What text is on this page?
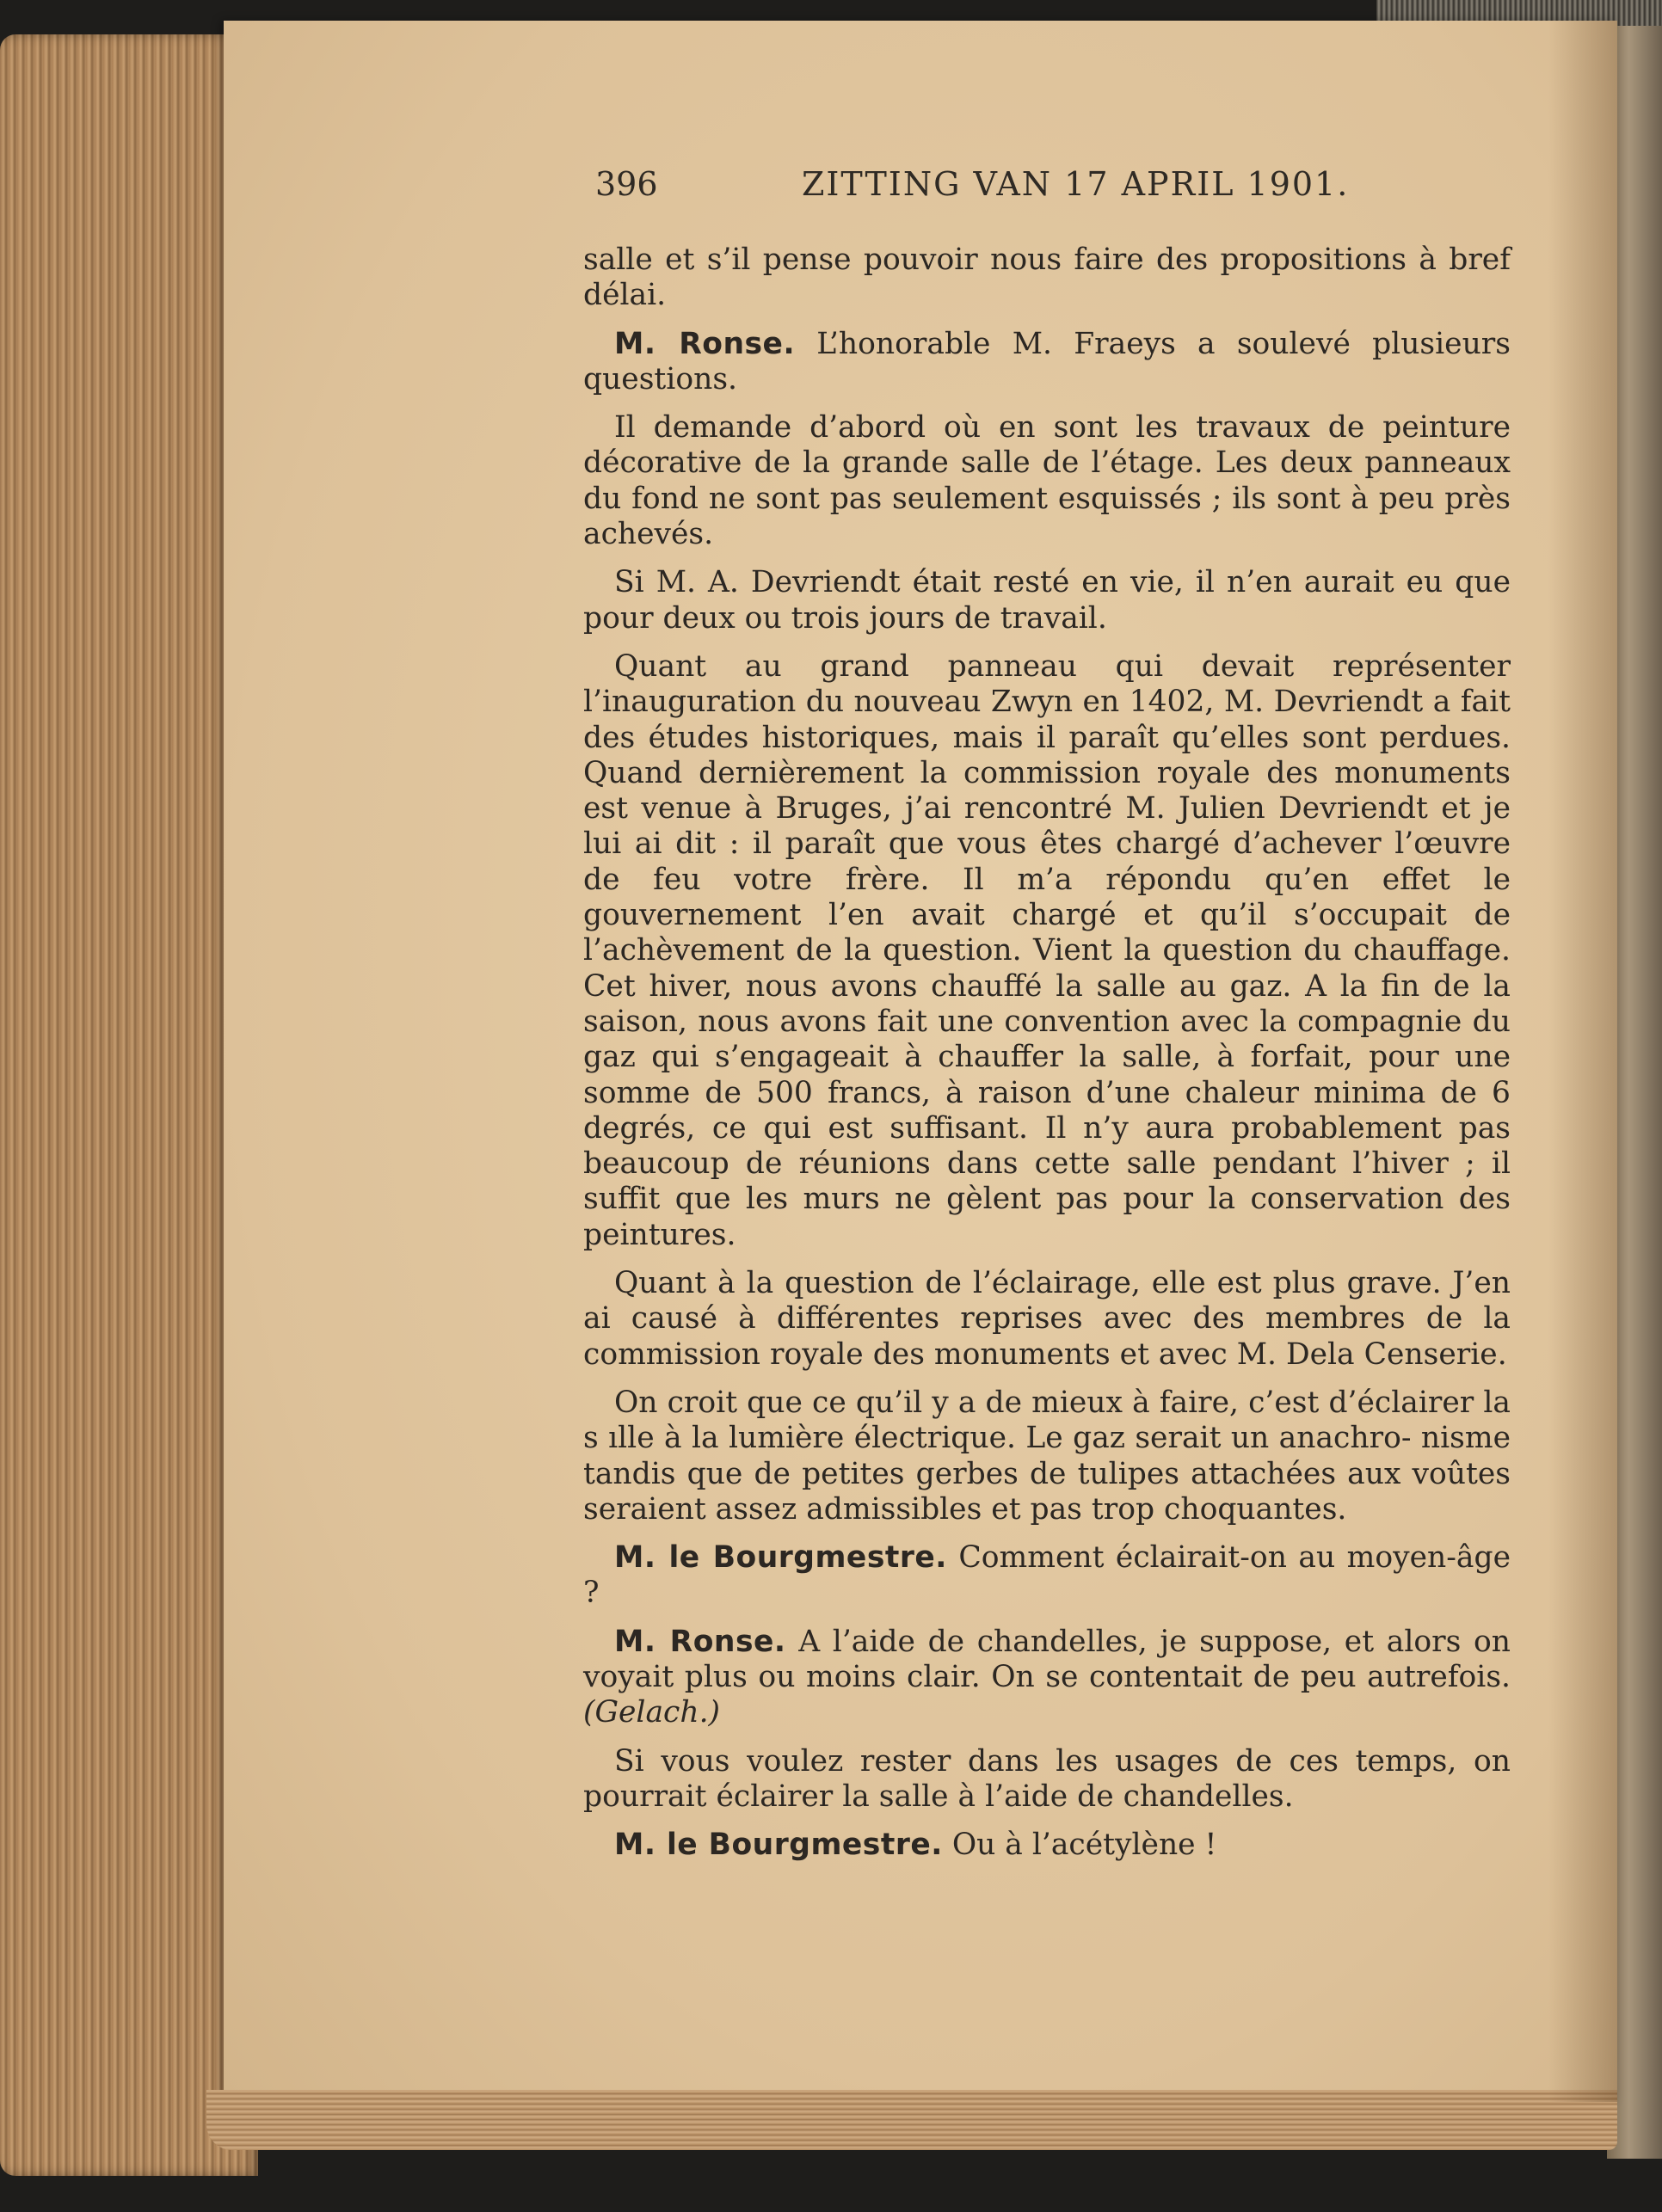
396	ZITTING VAN 17 APRIL 1901.

salle et s’il pense pouvoir nous faire des propositions à bref délai.

M. Ronse. L’honorable M. Fraeys a soulevé plusieurs questions.

Il demande d’abord où en sont les travaux de peinture décorative de la grande salle de l’étage. Les deux panneaux du fond ne sont pas seulement esquissés ; ils sont à peu près achevés.

Si M. A. Devriendt était resté en vie, il n’en aurait eu que pour deux ou trois jours de travail.

Quant au grand panneau qui devait représenter l’inauguration du nouveau Zwyn en 1402, M. Devriendt a fait des études historiques, mais il paraît qu’elles sont perdues. Quand dernièrement la commission royale des monuments est venue à Bruges, j’ai rencontré M. Julien Devriendt et je lui ai dit : il paraît que vous êtes chargé d’achever l’œuvre de feu votre frère. Il m’a répondu qu’en effet le gouvernement l’en avait chargé et qu’il s’occupait de l’achèvement de la question. Vient la question du chauffage. Cet hiver, nous avons chauffé la salle au gaz. A la fin de la saison, nous avons fait une convention avec la compagnie du gaz qui s’engageait à chauffer la salle, à forfait, pour une somme de 500 francs, à raison d’une chaleur minima de 6 degrés, ce qui est suffisant. Il n’y aura probablement pas beaucoup de réunions dans cette salle pendant l’hiver ; il suffit que les murs ne gèlent pas pour la conservation des peintures.

Quant à la question de l’éclairage, elle est plus grave. J’en ai causé à différentes reprises avec des membres de la commission royale des monuments et avec M. Dela Censerie.

On croit que ce qu’il y a de mieux à faire, c’est d’éclairer la s ılle à la lumière électrique. Le gaz serait un anachro- nisme tandis que de petites gerbes de tulipes attachées aux voûtes seraient assez admissibles et pas trop choquantes.

M. le Bourgmestre. Comment éclairait-on au moyen-âge ?

M. Ronse. A l’aide de chandelles, je suppose, et alors on voyait plus ou moins clair. On se contentait de peu autrefois. (Gelach.)

Si vous voulez rester dans les usages de ces temps, on pourrait éclairer la salle à l’aide de chandelles.

M. le Bourgmestre. Ou à l’acétylène !
